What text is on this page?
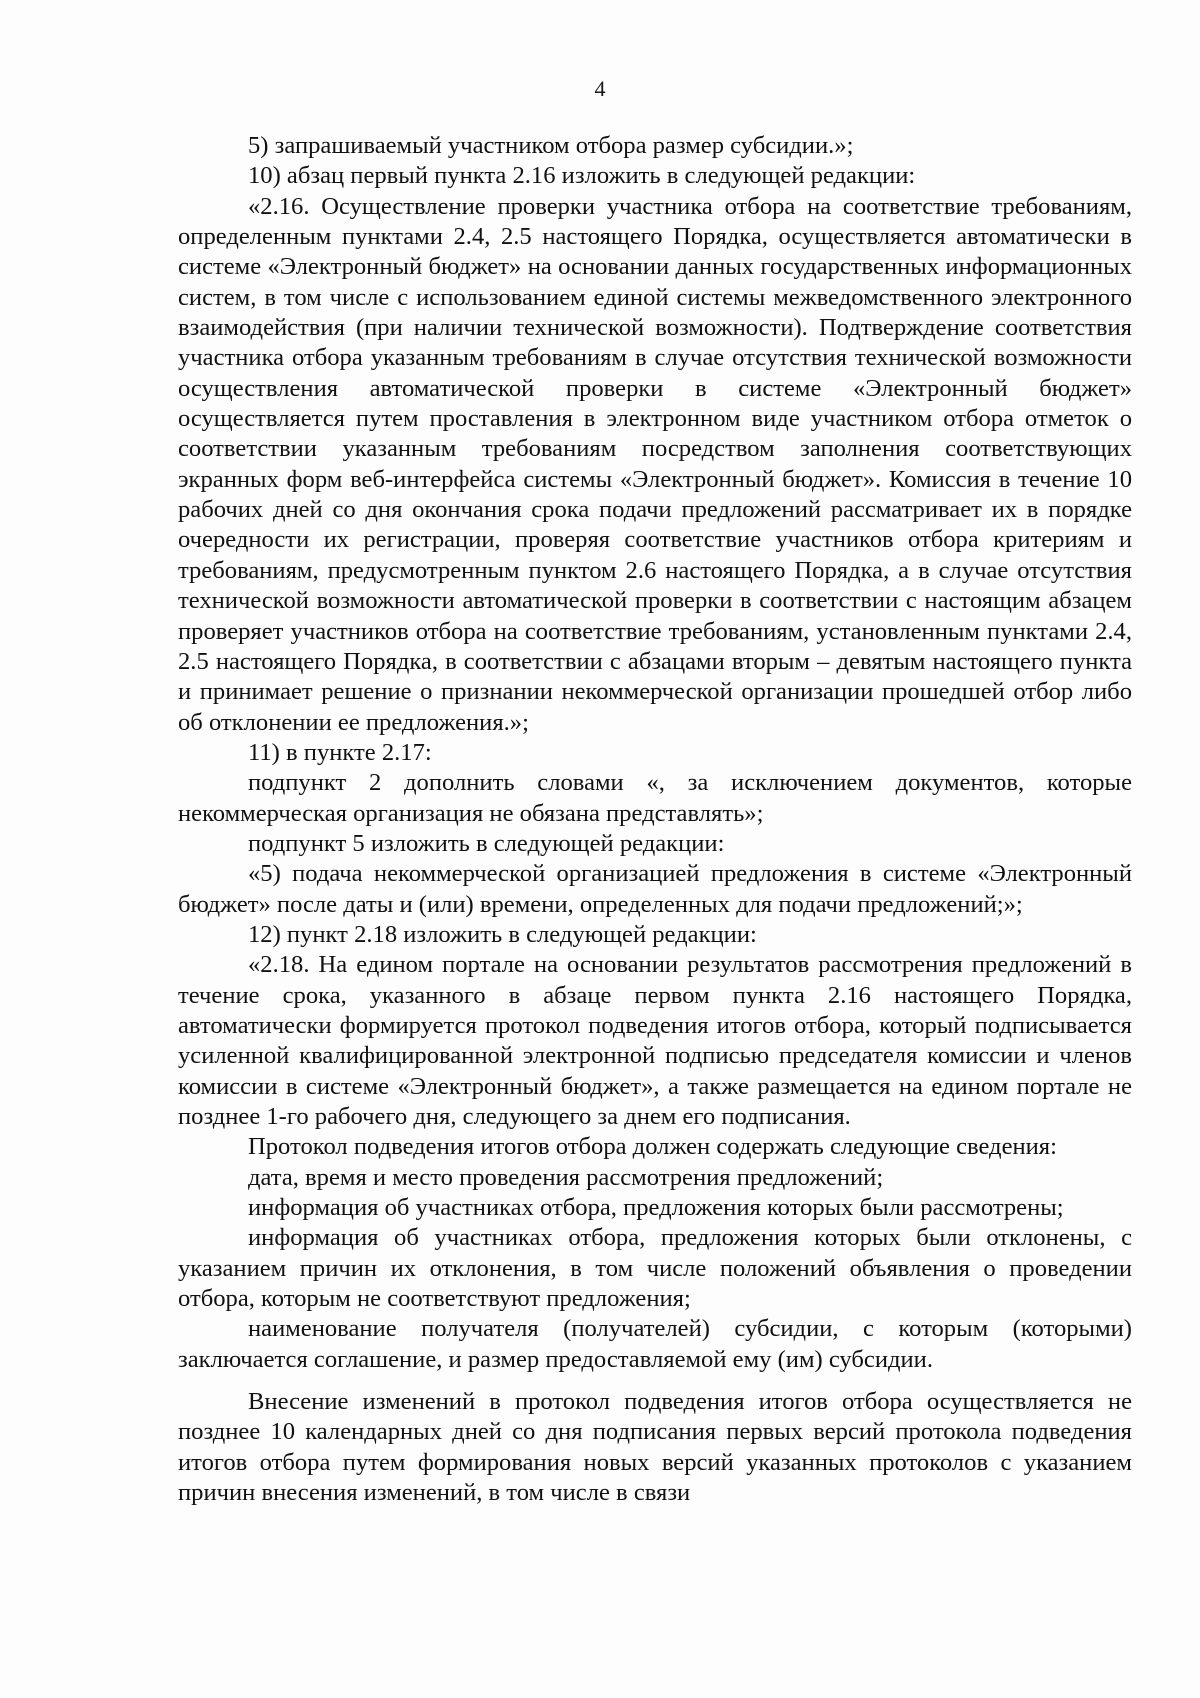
4

5) запрашиваемый участником отбора размер субсидии.»;

10) абзац первый пункта 2.16 изложить в следующей редакции:

«2.16. Осуществление проверки участника отбора на соответствие требованиям, определенным пунктами 2.4, 2.5 настоящего Порядка, осуществляется автоматически в системе «Электронный бюджет» на основании данных государственных информационных систем, в том числе с использованием единой системы межведомственного электронного взаимодействия (при наличии технической возможности). Подтверждение соответствия участника отбора указанным требованиям в случае отсутствия технической возможности осуществления автоматической проверки в системе «Электронный бюджет» осуществляется путем проставления в электронном виде участником отбора отметок о соответствии указанным требованиям посредством заполнения соответствующих экранных форм веб-интерфейса системы «Электронный бюджет». Комиссия в течение 10 рабочих дней со дня окончания срока подачи предложений рассматривает их в порядке очередности их регистрации, проверяя соответствие участников отбора критериям и требованиям, предусмотренным пунктом 2.6 настоящего Порядка, а в случае отсутствия технической возможности автоматической проверки в соответствии с настоящим абзацем проверяет участников отбора на соответствие требованиям, установленным пунктами 2.4, 2.5 настоящего Порядка, в соответствии с абзацами вторым – девятым настоящего пункта и принимает решение о признании некоммерческой организации прошедшей отбор либо об отклонении ее предложения.»;

11) в пункте 2.17:

подпункт 2 дополнить словами «, за исключением документов, которые некоммерческая организация не обязана представлять»;

подпункт 5 изложить в следующей редакции:

«5) подача некоммерческой организацией предложения в системе «Электронный бюджет» после даты и (или) времени, определенных для подачи предложений;»;

12) пункт 2.18 изложить в следующей редакции:

«2.18. На едином портале на основании результатов рассмотрения предложений в течение срока, указанного в абзаце первом пункта 2.16 настоящего Порядка, автоматически формируется протокол подведения итогов отбора, который подписывается усиленной квалифицированной электронной подписью председателя комиссии и членов комиссии в системе «Электронный бюджет», а также размещается на едином портале не позднее 1-го рабочего дня, следующего за днем его подписания.

Протокол подведения итогов отбора должен содержать следующие сведения:

дата, время и место проведения рассмотрения предложений;

информация об участниках отбора, предложения которых были рассмотрены;

информация об участниках отбора, предложения которых были отклонены, с указанием причин их отклонения, в том числе положений объявления о проведении отбора, которым не соответствуют предложения;

наименование получателя (получателей) субсидии, с которым (которыми) заключается соглашение, и размер предоставляемой ему (им) субсидии.

Внесение изменений в протокол подведения итогов отбора осуществляется не позднее 10 календарных дней со дня подписания первых версий протокола подведения итогов отбора путем формирования новых версий указанных протоколов с указанием причин внесения изменений, в том числе в связи
